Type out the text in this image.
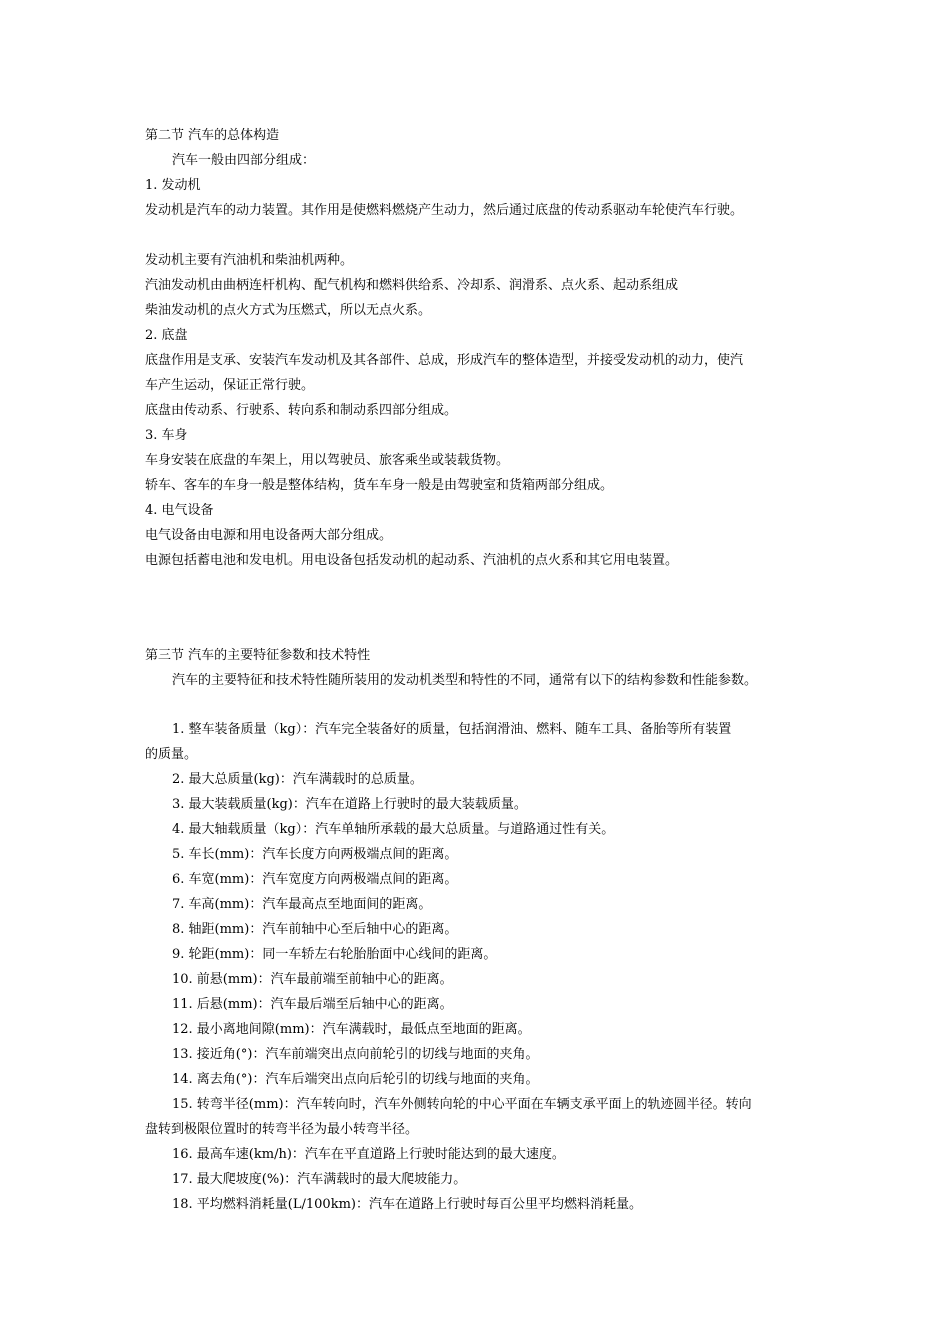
第二节 汽车的总体构造

汽车一般由四部分组成：

1. 发动机

发动机是汽车的动力装置。其作用是使燃料燃烧产生动力，然后通过底盘的传动系驱动车轮使汽车行驶。

发动机主要有汽油机和柴油机两种。

汽油发动机由曲柄连杆机构、配气机构和燃料供给系、冷却系、润滑系、点火系、起动系组成

柴油发动机的点火方式为压燃式，所以无点火系。

2. 底盘

底盘作用是支承、安装汽车发动机及其各部件、总成，形成汽车的整体造型，并接受发动机的动力，使汽

车产生运动，保证正常行驶。

底盘由传动系、行驶系、转向系和制动系四部分组成。

3. 车身

车身安装在底盘的车架上，用以驾驶员、旅客乘坐或装载货物。

轿车、客车的车身一般是整体结构，货车车身一般是由驾驶室和货箱两部分组成。

4. 电气设备

电气设备由电源和用电设备两大部分组成。

电源包括蓄电池和发电机。用电设备包括发动机的起动系、汽油机的点火系和其它用电装置。

第三节 汽车的主要特征参数和技术特性

汽车的主要特征和技术特性随所装用的发动机类型和特性的不同，通常有以下的结构参数和性能参数。

1. 整车装备质量（kg）：汽车完全装备好的质量，包括润滑油、燃料、随车工具、备胎等所有装置

的质量。

2. 最大总质量(kg)：汽车满载时的总质量。

3. 最大装载质量(kg)：汽车在道路上行驶时的最大装载质量。

4. 最大轴载质量（kg）：汽车单轴所承载的最大总质量。与道路通过性有关。

5. 车长(mm)：汽车长度方向两极端点间的距离。

6. 车宽(mm)：汽车宽度方向两极端点间的距离。

7. 车高(mm)：汽车最高点至地面间的距离。

8. 轴距(mm)：汽车前轴中心至后轴中心的距离。

9. 轮距(mm)：同一车轿左右轮胎胎面中心线间的距离。

10. 前悬(mm)：汽车最前端至前轴中心的距离。

11. 后悬(mm)：汽车最后端至后轴中心的距离。

12. 最小离地间隙(mm)：汽车满载时，最低点至地面的距离。

13. 接近角(°)：汽车前端突出点向前轮引的切线与地面的夹角。

14. 离去角(°)：汽车后端突出点向后轮引的切线与地面的夹角。

15. 转弯半径(mm)：汽车转向时，汽车外侧转向轮的中心平面在车辆支承平面上的轨迹圆半径。转向

盘转到极限位置时的转弯半径为最小转弯半径。

16. 最高车速(km/h)：汽车在平直道路上行驶时能达到的最大速度。

17. 最大爬坡度(%)：汽车满载时的最大爬坡能力。

18. 平均燃料消耗量(L/100km)：汽车在道路上行驶时每百公里平均燃料消耗量。
